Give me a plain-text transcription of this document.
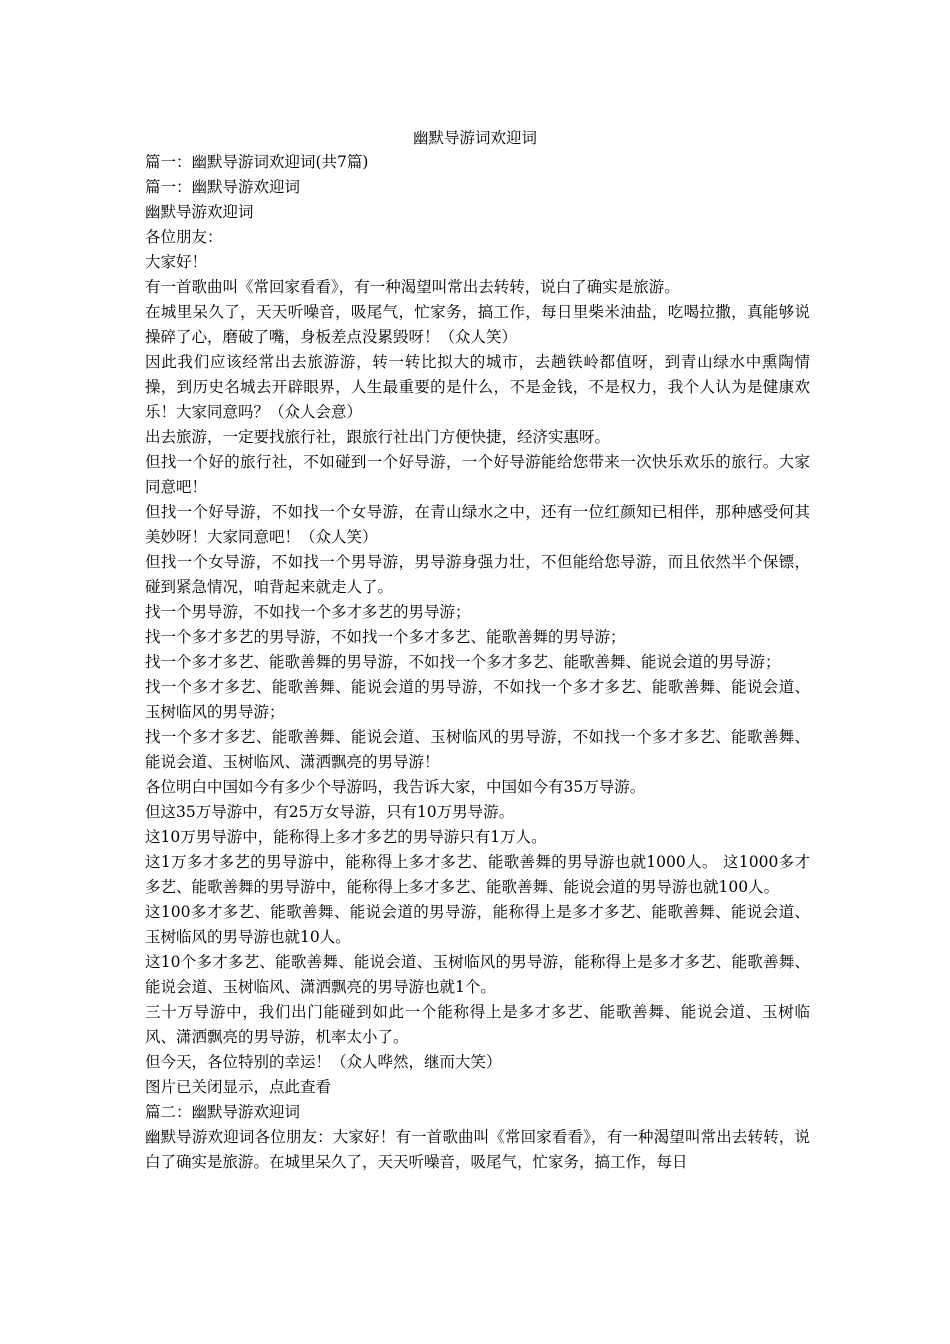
幽默导游词欢迎词

篇一：幽默导游词欢迎词(共7篇)

篇一：幽默导游欢迎词

幽默导游欢迎词

各位朋友：

大家好！

有一首歌曲叫《常回家看看》，有一种渴望叫常出去转转，说白了确实是旅游。

在城里呆久了，天天听噪音，吸尾气，忙家务，搞工作，每日里柴米油盐，吃喝拉撒，真能够说操碎了心，磨破了嘴，身板差点没累毁呀！（众人笑）

因此我们应该经常出去旅游游，转一转比拟大的城市，去趟铁岭都值呀，到青山绿水中熏陶情操，到历史名城去开辟眼界，人生最重要的是什么，不是金钱，不是权力，我个人认为是健康欢乐！大家同意吗？（众人会意）

出去旅游，一定要找旅行社，跟旅行社出门方便快捷，经济实惠呀。

但找一个好的旅行社，不如碰到一个好导游，一个好导游能给您带来一次快乐欢乐的旅行。大家同意吧！

但找一个好导游，不如找一个女导游，在青山绿水之中，还有一位红颜知已相伴，那种感受何其美妙呀！大家同意吧！（众人笑）

但找一个女导游，不如找一个男导游，男导游身强力壮，不但能给您导游，而且依然半个保镖，碰到紧急情况，咱背起来就走人了。

找一个男导游，不如找一个多才多艺的男导游；

找一个多才多艺的男导游，不如找一个多才多艺、能歌善舞的男导游；

找一个多才多艺、能歌善舞的男导游，不如找一个多才多艺、能歌善舞、能说会道的男导游；

找一个多才多艺、能歌善舞、能说会道的男导游，不如找一个多才多艺、能歌善舞、能说会道、玉树临风的男导游；

找一个多才多艺、能歌善舞、能说会道、玉树临风的男导游，不如找一个多才多艺、能歌善舞、能说会道、玉树临风、潇洒飘亮的男导游！

各位明白中国如今有多少个导游吗，我告诉大家，中国如今有35万导游。

但这35万导游中，有25万女导游，只有10万男导游。

这10万男导游中，能称得上多才多艺的男导游只有1万人。

这1万多才多艺的男导游中，能称得上多才多艺、能歌善舞的男导游也就1000人。 这1000多才多艺、能歌善舞的男导游中，能称得上多才多艺、能歌善舞、能说会道的男导游也就100人。

这100多才多艺、能歌善舞、能说会道的男导游，能称得上是多才多艺、能歌善舞、能说会道、玉树临风的男导游也就10人。

这10个多才多艺、能歌善舞、能说会道、玉树临风的男导游，能称得上是多才多艺、能歌善舞、能说会道、玉树临风、潇洒飘亮的男导游也就1个。

三十万导游中，我们出门能碰到如此一个能称得上是多才多艺、能歌善舞、能说会道、玉树临风、潇洒飘亮的男导游，机率太小了。

但今天，各位特别的幸运！（众人哗然，继而大笑）

图片已关闭显示，点此查看

篇二：幽默导游欢迎词

幽默导游欢迎词各位朋友：大家好！有一首歌曲叫《常回家看看》，有一种渴望叫常出去转转，说白了确实是旅游。在城里呆久了，天天听噪音，吸尾气，忙家务，搞工作，每日
